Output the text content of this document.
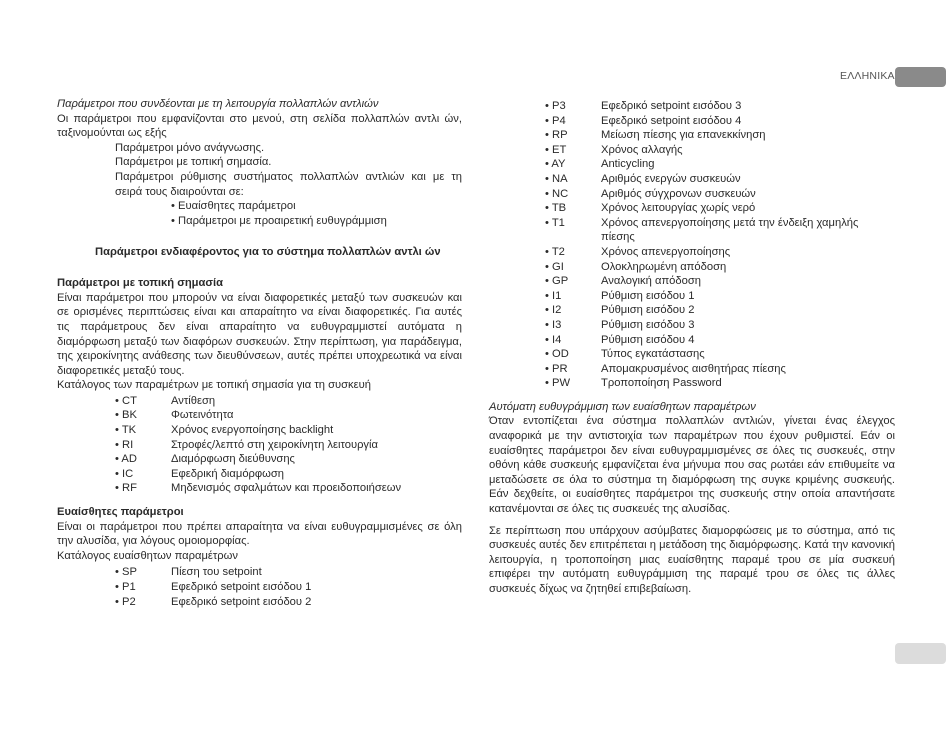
ΕΛΛΗΝΙΚΑ

Παράμετροι που συνδέονται με τη λειτουργία πολλαπλών αντλιών

Οι παράμετροι που εμφανίζονται στο μενού, στη σελίδα πολλαπλών αντλι ών, ταξινομούνται ως εξής

Παράμετροι μόνο ανάγνωσης.

Παράμετροι με τοπική σημασία.

Παράμετροι ρύθμισης συστήματος πολλαπλών αντλιών και με τη σειρά τους διαιρούνται σε:

• Ευαίσθητες παράμετροι

• Παράμετροι με προαιρετική ευθυγράμμιση

Παράμετροι ενδιαφέροντος για το σύστημα πολλαπλών αντλι ών

Παράμετροι με τοπική σημασία

Είναι παράμετροι που μπορούν να είναι διαφορετικές μεταξύ των συσκευών και σε ορισμένες περιπτώσεις είναι και απαραίτητο να είναι διαφορετικές. Για αυτές τις παράμετρους δεν είναι απαραίτητο να ευθυγραμμιστεί αυτόματα η διαμόρφωση μεταξύ των διαφόρων συσκευών. Στην περίπτωση, για παράδειγμα, της χειροκίνητης ανάθεσης των διευθύνσεων, αυτές πρέπει υποχρεωτικά να είναι διαφορετικές μεταξύ τους.

Κατάλογος των παραμέτρων με τοπική σημασία για τη συσκευή

• CT	Αντίθεση
• BK	Φωτεινότητα
• TK	Χρόνος ενεργοποίησης backlight
• RI	Στροφές/λεπτό στη χειροκίνητη λειτουργία
• AD	Διαμόρφωση διεύθυνσης
• IC	Εφεδρική διαμόρφωση
• RF	Μηδενισμός σφαλμάτων και προειδοποιήσεων

Ευαίσθητες παράμετροι

Είναι οι παράμετροι που πρέπει απαραίτητα να είναι ευθυγραμμισμένες σε όλη την αλυσίδα, για λόγους ομοιομορφίας.

Κατάλογος ευαίσθητων παραμέτρων

• SP	Πίεση του setpoint
• P1	Εφεδρικό setpoint εισόδου 1
• P2	Εφεδρικό setpoint εισόδου 2
• P3	Εφεδρικό setpoint εισόδου 3
• P4	Εφεδρικό setpoint εισόδου 4
• RP	Μείωση πίεσης για επανεκκίνηση
• ET	Χρόνος αλλαγής
• AY	Anticycling
• NA	Αριθμός ενεργών συσκευών
• NC	Αριθμός σύγχρονων συσκευών
• TB	Χρόνος λειτουργίας χωρίς νερό
• T1	Χρόνος απενεργοποίησης μετά την ένδειξη χαμηλής πίεσης
• T2	Χρόνος απενεργοποίησης
• GI	Ολοκληρωμένη απόδοση
• GP	Αναλογική απόδοση
• I1	Ρύθμιση εισόδου 1
• I2	Ρύθμιση εισόδου 2
• I3	Ρύθμιση εισόδου 3
• I4	Ρύθμιση εισόδου 4
• OD	Τύπος εγκατάστασης
• PR	Απομακρυσμένος αισθητήρας πίεσης
• PW	Τροποποίηση Password

Αυτόματη ευθυγράμμιση των ευαίσθητων παραμέτρων

Όταν εντοπίζεται ένα σύστημα πολλαπλών αντλιών, γίνεται ένας έλεγχος αναφορικά με την αντιστοιχία των παραμέτρων που έχουν ρυθμιστεί. Εάν οι ευαίσθητες παράμετροι δεν είναι ευθυγραμμισμένες σε όλες τις συσκευές, στην οθόνη κάθε συσκευής εμφανίζεται ένα μήνυμα που σας ρωτάει εάν επιθυμείτε να μεταδώσετε σε όλα το σύστημα τη διαμόρφωση της συγκε κριμένης συσκευής. Εάν δεχθείτε, οι ευαίσθητες παράμετροι της συσκευής στην οποία απαντήσατε κατανέμονται σε όλες τις συσκευές της αλυσίδας.

Σε περίπτωση που υπάρχουν ασύμβατες διαμορφώσεις με το σύστημα, από τις συσκευές αυτές δεν επιτρέπεται η μετάδοση της διαμόρφωσης. Κατά την κανονική λειτουργία, η τροποποίηση μιας ευαίσθητης παραμέ τρου σε μία συσκευή επιφέρει την αυτόματη ευθυγράμμιση της παραμέ τρου σε όλες τις άλλες συσκευές δίχως να ζητηθεί επιβεβαίωση.
